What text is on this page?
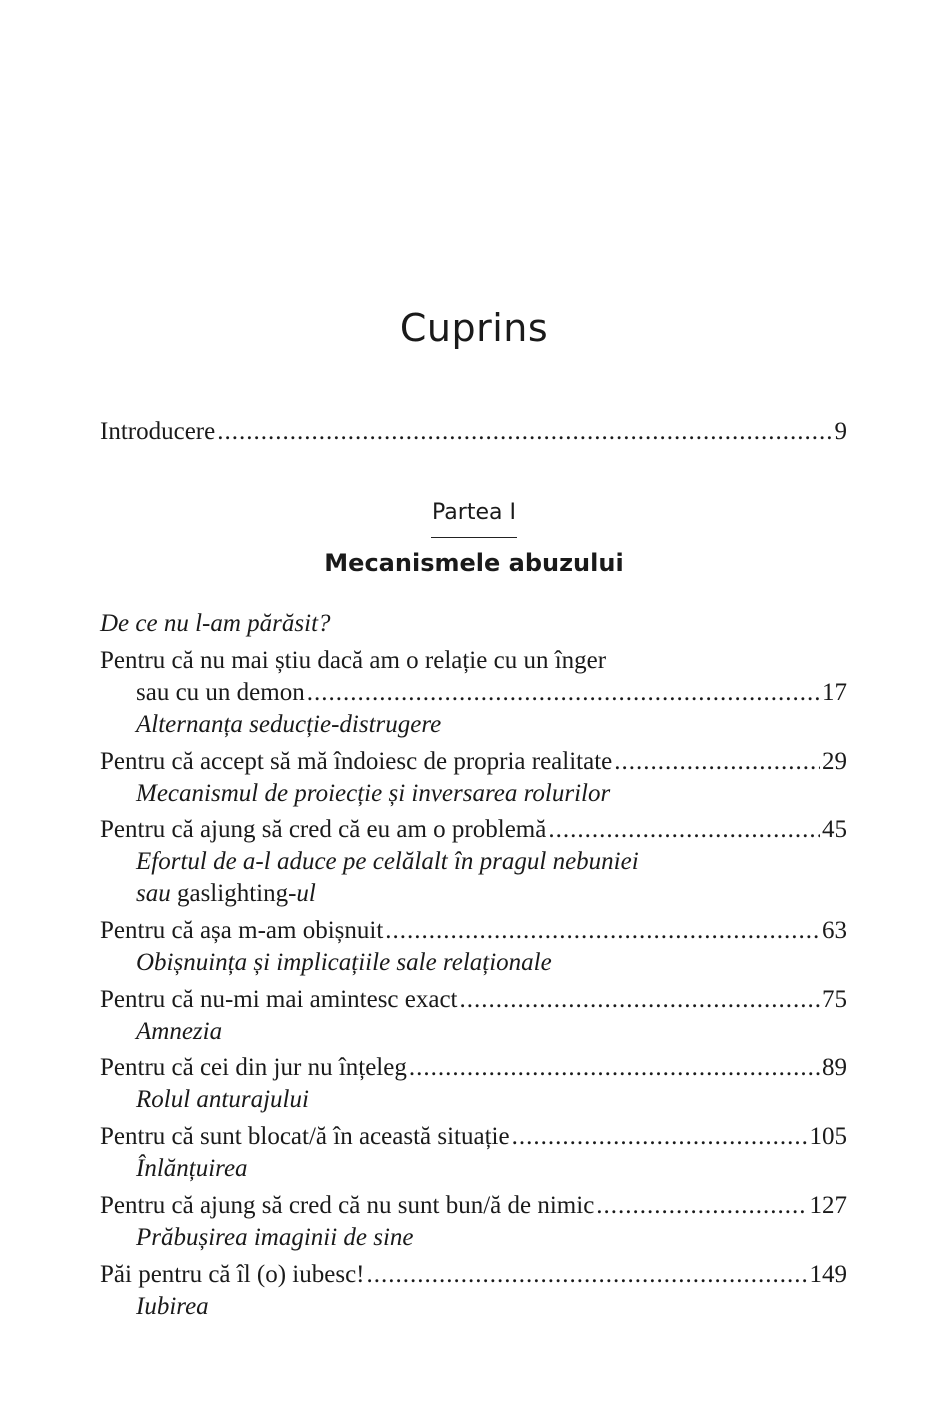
Cuprins
Introducere .....	9
Partea I
Mecanismele abuzului
De ce nu l-am părăsit?
Pentru că nu mai știu dacă am o relație cu un înger
sau cu un demon .....	17
Alternanța seducție-distrugere
Pentru că accept să mă îndoiesc de propria realitate .....	29
Mecanismul de proiecție și inversarea rolurilor
Pentru că ajung să cred că eu am o problemă .....	45
Efortul de a-l aduce pe celălalt în pragul nebuniei
sau
gaslighting -ul
Pentru că așa m-am obișnuit .....	63
Obișnuința și implicațiile sale relaționale
Pentru că nu-mi mai amintesc exact .....	75
Amnezia
Pentru că cei din jur nu înțeleg .....	89
Rolul anturajului
Pentru că sunt blocat/ă în această situație .....	105
Înlănțuirea
Pentru că ajung să cred că nu sunt bun/ă de nimic .....	127
Prăbușirea imaginii de sine
Păi pentru că îl (o) iubesc! .....	149
Iubirea
